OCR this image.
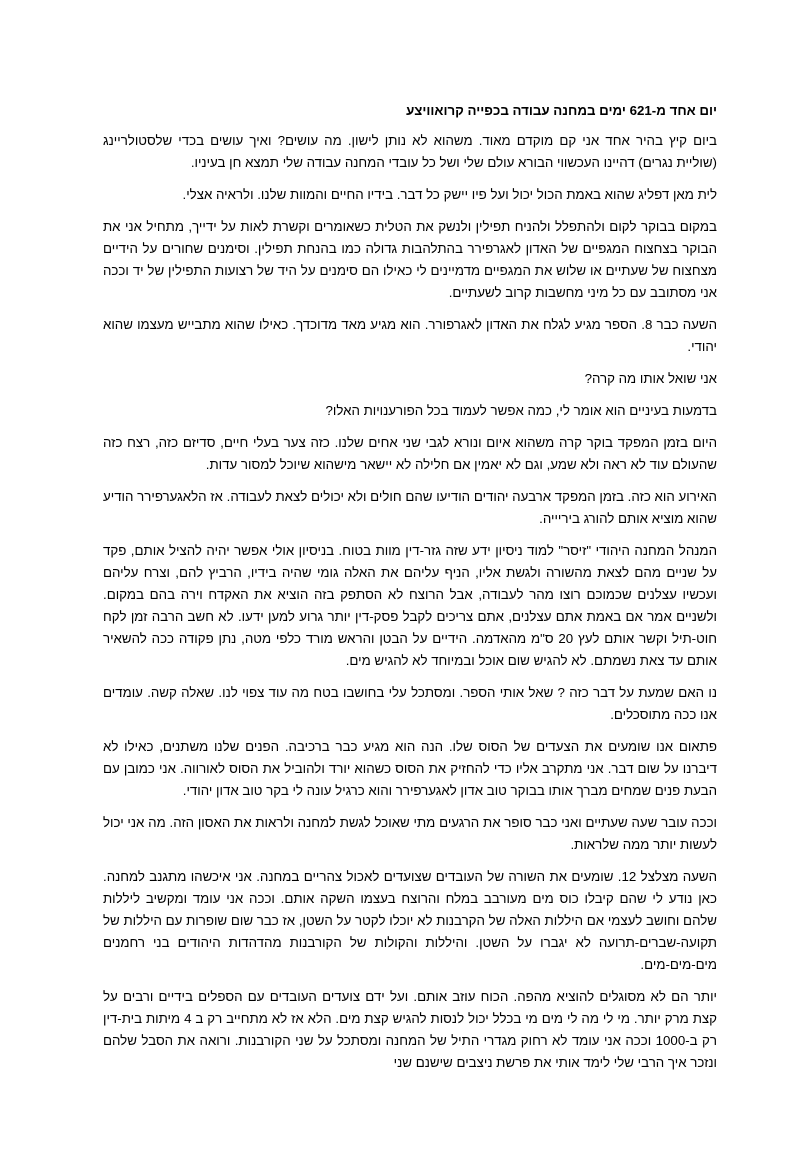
יום אחד מ-621 ימים במחנה עבודה בכפייה קרואוויצע

ביום קיץ בהיר אחד אני קם מוקדם מאוד. משהוא לא נותן לישון. מה עושים? ואיך עושים בכדי שלסטולריינג (שוליית נגרים) דהיינו העכשווי הבורא עולם שלי ושל כל עובדי המחנה עבודה שלי תמצא חן בעיניו.

לית מאן דפליג שהוא באמת הכול יכול ועל פיו יישק כל דבר. בידיו החיים והמוות שלנו. ולראיה אצלי.

במקום בבוקר לקום ולהתפלל ולהניח תפילין ולנשק את הטלית כשאומרים וקשרת לאות על ידייך, מתחיל אני את הבוקר בצחצוח המגפיים של האדון לאגרפירר בהתלהבות גדולה כמו בהנחת תפילין. וסימנים שחורים על הידיים מצחצוח של שעתיים או שלוש את המגפיים מדמיינים לי כאילו הם סימנים על היד של רצועות התפילין של יד וככה אני מסתובב עם כל מיני מחשבות קרוב לשעתיים.

השעה כבר 8. הספר מגיע לגלח את האדון לאגרפורר. הוא מגיע מאד מדוכדך. כאילו שהוא מתבייש מעצמו שהוא יהודי.

אני שואל אותו מה קרה?

בדמעות בעיניים הוא אומר לי, כמה אפשר לעמוד בכל הפורענויות האלו?

היום בזמן המפקד בוקר קרה משהוא איום ונורא לגבי שני אחים שלנו. כזה צער בעלי חיים, סדיזם כזה, רצח כזה שהעולם עוד לא ראה ולא שמע, וגם לא יאמין אם חלילה לא יישאר מישהוא שיוכל למסור עדות.

האירוע הוא כזה. בזמן המפקד ארבעה יהודים הודיעו שהם חולים ולא יכולים לצאת לעבודה. אז הלאגערפירר הודיע שהוא מוציא אותם להורג ביריייה.

המנהל המחנה היהודי "זיסר" למוד ניסיון ידע שזה גזר-דין מוות בטוח. בניסיון אולי אפשר יהיה להציל אותם, פקד על שניים מהם לצאת מהשורה ולגשת אליו, הניף עליהם את האלה גומי שהיה בידיו, הרביץ להם, וצרח עליהם ועכשיו עצלנים שכמוכם רוצו מהר לעבודה, אבל הרוצח לא הסתפק בזה הוציא את האקדח וירה בהם במקום. ולשניים אמר אם באמת אתם עצלנים, אתם צריכים לקבל פסק-דין יותר גרוע למען ידעו. לא חשב הרבה זמן לקח חוט-תיל וקשר אותם לעץ 20 ס"מ מהאדמה. הידיים על הבטן והראש מורד כלפי מטה, נתן פקודה ככה להשאיר אותם עד צאת נשמתם. לא להגיש שום אוכל ובמיוחד לא להגיש מים.

נו האם שמעת על דבר כזה ? שאל אותי הספר. ומסתכל עלי בחושבו בטח מה עוד צפוי לנו. שאלה קשה. עומדים אנו ככה מתוסכלים.

פתאום אנו שומעים את הצעדים של הסוס שלו. הנה הוא מגיע כבר ברכיבה. הפנים שלנו משתנים, כאילו לא דיברנו על שום דבר. אני מתקרב אליו כדי להחזיק את הסוס כשהוא יורד ולהוביל את הסוס לאורווה. אני כמובן עם הבעת פנים שמחים מברך אותו בבוקר טוב אדון לאגערפירר והוא כרגיל עונה לי בקר טוב אדון יהודי.

וככה עובר שעה שעתיים ואני כבר סופר את הרגעים מתי שאוכל לגשת למחנה ולראות את האסון הזה. מה אני יכול לעשות יותר ממה שלראות.

השעה מצלצל 12. שומעים את השורה של העובדים שצועדים לאכול צהריים במחנה. אני איכשהו מתגנב למחנה. כאן נודע לי שהם קיבלו כוס מים מעורבב במלח והרוצח בעצמו השקה אותם. וככה אני עומד ומקשיב ליללות שלהם וחושב לעצמי אם היללות האלה של הקרבנות לא יוכלו לקטר על השטן, אז כבר שום שופרות עם היללות של תקועה-שברים-תרועה לא יגברו על השטן. והיללות והקולות של הקורבנות מהדהדות היהודים בני רחמנים מים-מים-מים.

יותר הם לא מסוגלים להוציא מהפה. הכוח עוזב אותם. ועל ידם צועדים העובדים עם הספלים בידיים ורבים על קצת מרק יותר. מי לי מה לי מים מי בכלל יכול לנסות להגיש קצת מים. הלא אז לא מתחייב רק ב 4 מיתות בית-דין רק ב-1000 וככה אני עומד לא רחוק מגדרי התיל של המחנה ומסתכל על שני הקורבנות. ורואה את הסבל שלהם ונזכר איך הרבי שלי לימד אותי את פרשת ניצבים שישנם שני
